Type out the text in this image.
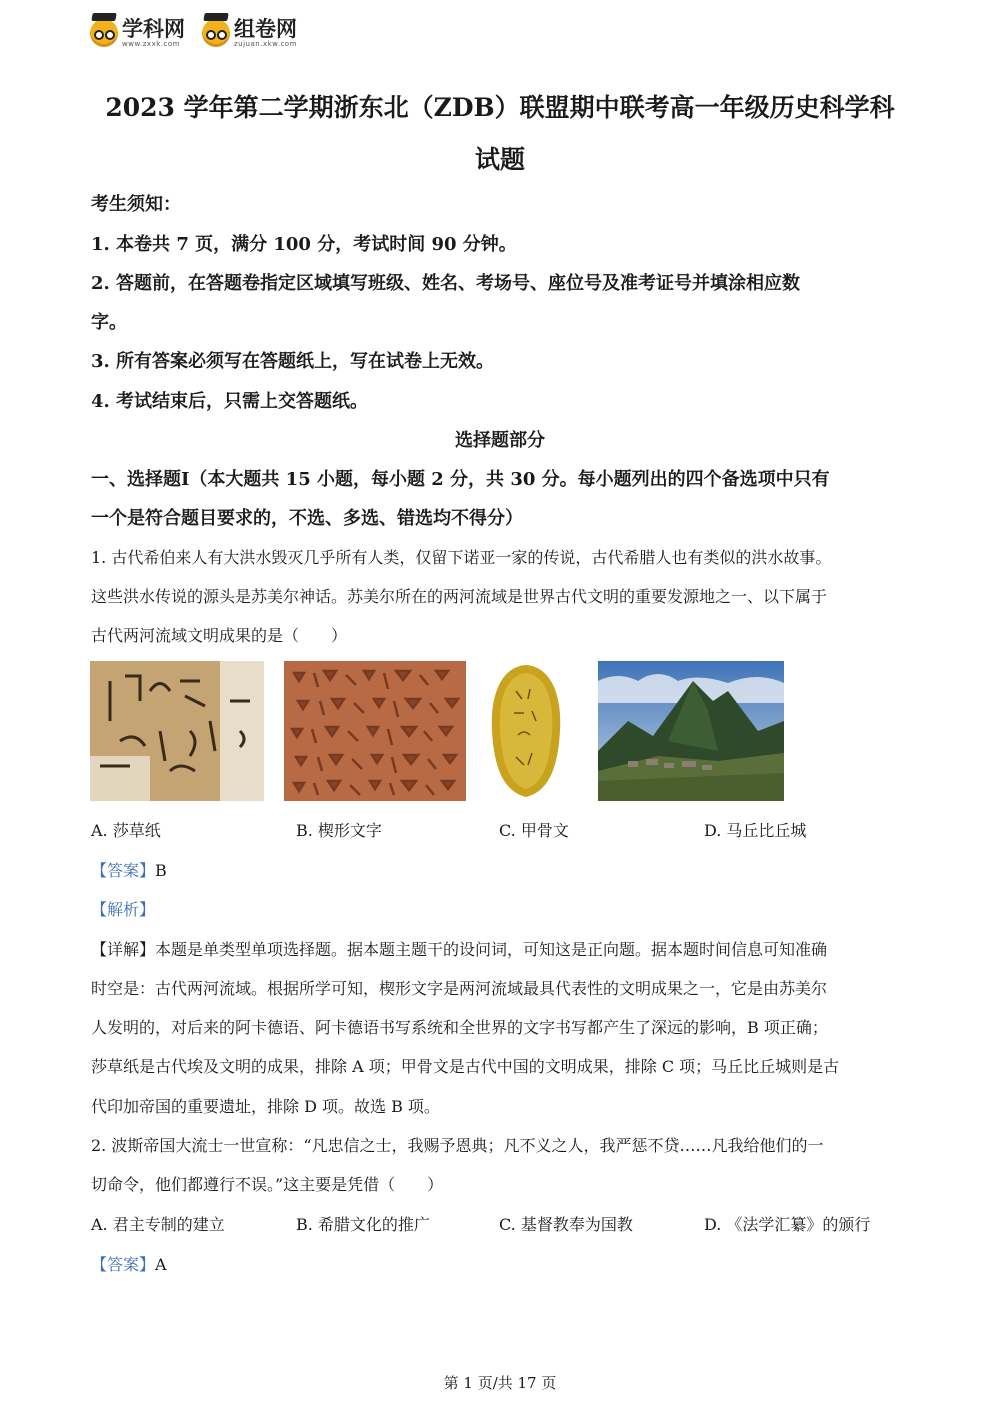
学科网
www.zxxk.com
组卷网
zujuan.xkw.com
2023 学年第二学期浙东北（ZDB）联盟期中联考高一年级历史科学科
试题
考生须知：
1. 本卷共 7 页，满分 100 分，考试时间 90 分钟。
2. 答题前，在答题卷指定区域填写班级、姓名、考场号、座位号及准考证号并填涂相应数
字。
3. 所有答案必须写在答题纸上，写在试卷上无效。
4. 考试结束后，只需上交答题纸。
选择题部分
一、选择题Ⅰ（本大题共 15 小题，每小题 2 分，共 30 分。每小题列出的四个备选项中只有
一个是符合题目要求的，不选、多选、错选均不得分）
1. 古代希伯来人有大洪水毁灭几乎所有人类，仅留下诺亚一家的传说，古代希腊人也有类似的洪水故事。
这些洪水传说的源头是苏美尔神话。苏美尔所在的两河流域是世界古代文明的重要发源地之一、以下属于
古代两河流域文明成果的是（　　）
A. 莎草纸	B. 楔形文字	C. 甲骨文	D. 马丘比丘城
【答案】B
【解析】
【详解】本题是单类型单项选择题。据本题主题干的设问词，可知这是正向题。据本题时间信息可知准确
时空是：古代两河流域。根据所学可知，楔形文字是两河流域最具代表性的文明成果之一，它是由苏美尔
人发明的，对后来的阿卡德语、阿卡德语书写系统和全世界的文字书写都产生了深远的影响，B 项正确；
莎草纸是古代埃及文明的成果，排除 A 项；甲骨文是古代中国的文明成果，排除 C 项；马丘比丘城则是古
代印加帝国的重要遗址，排除 D 项。故选 B 项。
2. 波斯帝国大流士一世宣称：“凡忠信之士，我赐予恩典；凡不义之人，我严惩不贷……凡我给他们的一
切命令，他们都遵行不误。”这主要是凭借（　　）
A. 君主专制的建立	B. 希腊文化的推广	C. 基督教奉为国教	D. 《法学汇纂》的颁行
【答案】A
第 1 页/共 17 页
